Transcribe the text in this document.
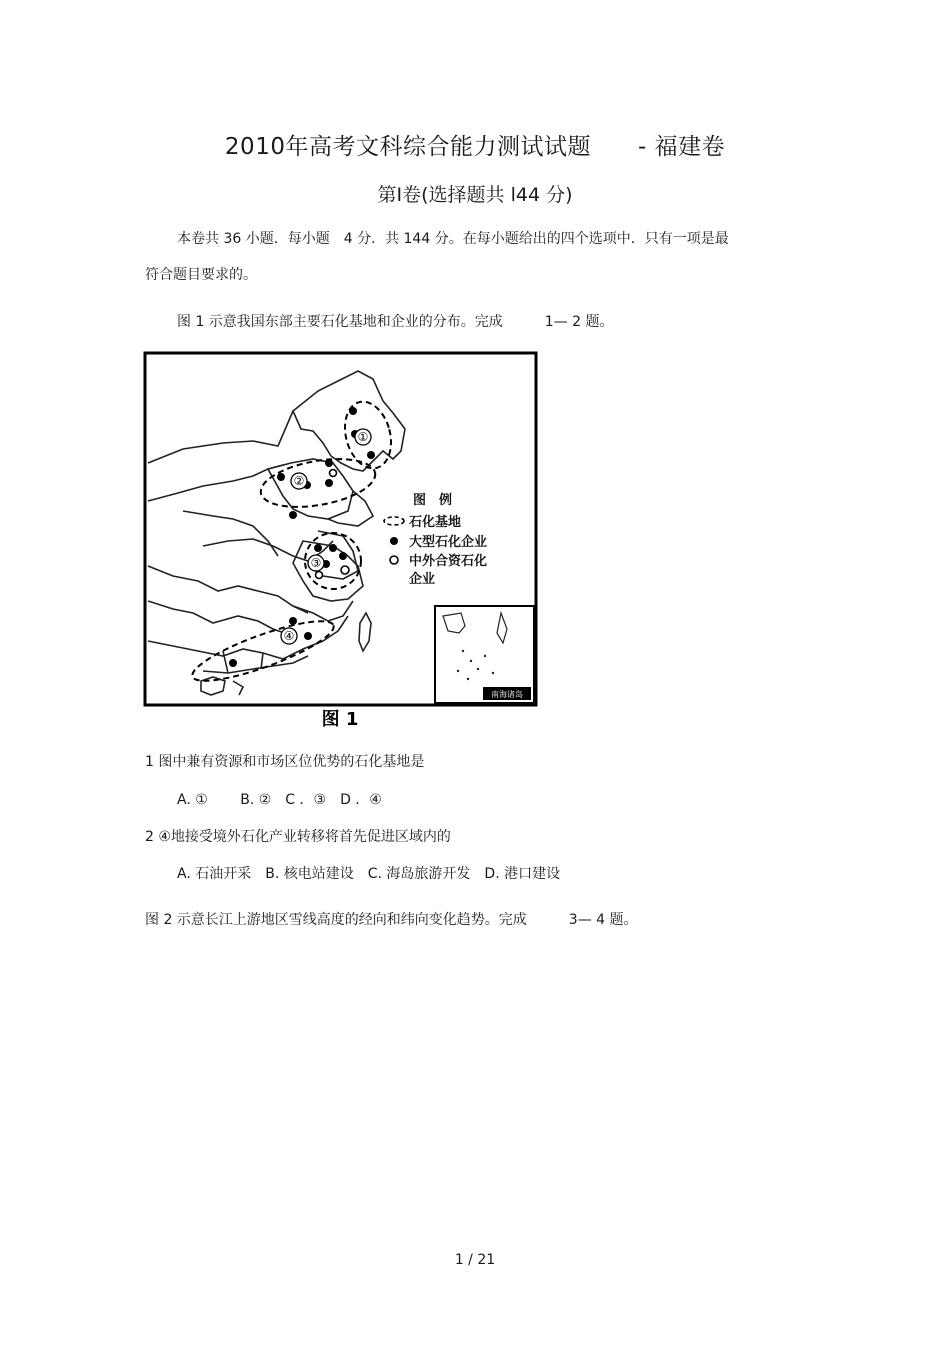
2010年高考文科综合能力测试试题　　- 福建卷
第Ⅰ卷(选择题共 l44 分)
本卷共 36 小题．每小题　4 分．共 144 分。在每小题给出的四个选项中．只有一项是最
符合题目要求的。
图 1 示意我国东部主要石化基地和企业的分布。完成　　　1— 2 题。
①
②
③
④
图　例
石化基地
大型石化企业
中外合资石化
企业
南海诸岛
图 1
1 图中兼有资源和市场区位优势的石化基地是
A. ①　　 B. ②　C ．③　D ．④
2 ④地接受境外石化产业转移将首先促进区域内的
A. 石油开采　B. 核电站建设　C. 海岛旅游开发　D. 港口建设
图 2 示意长江上游地区雪线高度的经向和纬向变化趋势。完成　　　3— 4 题。
1 / 21
